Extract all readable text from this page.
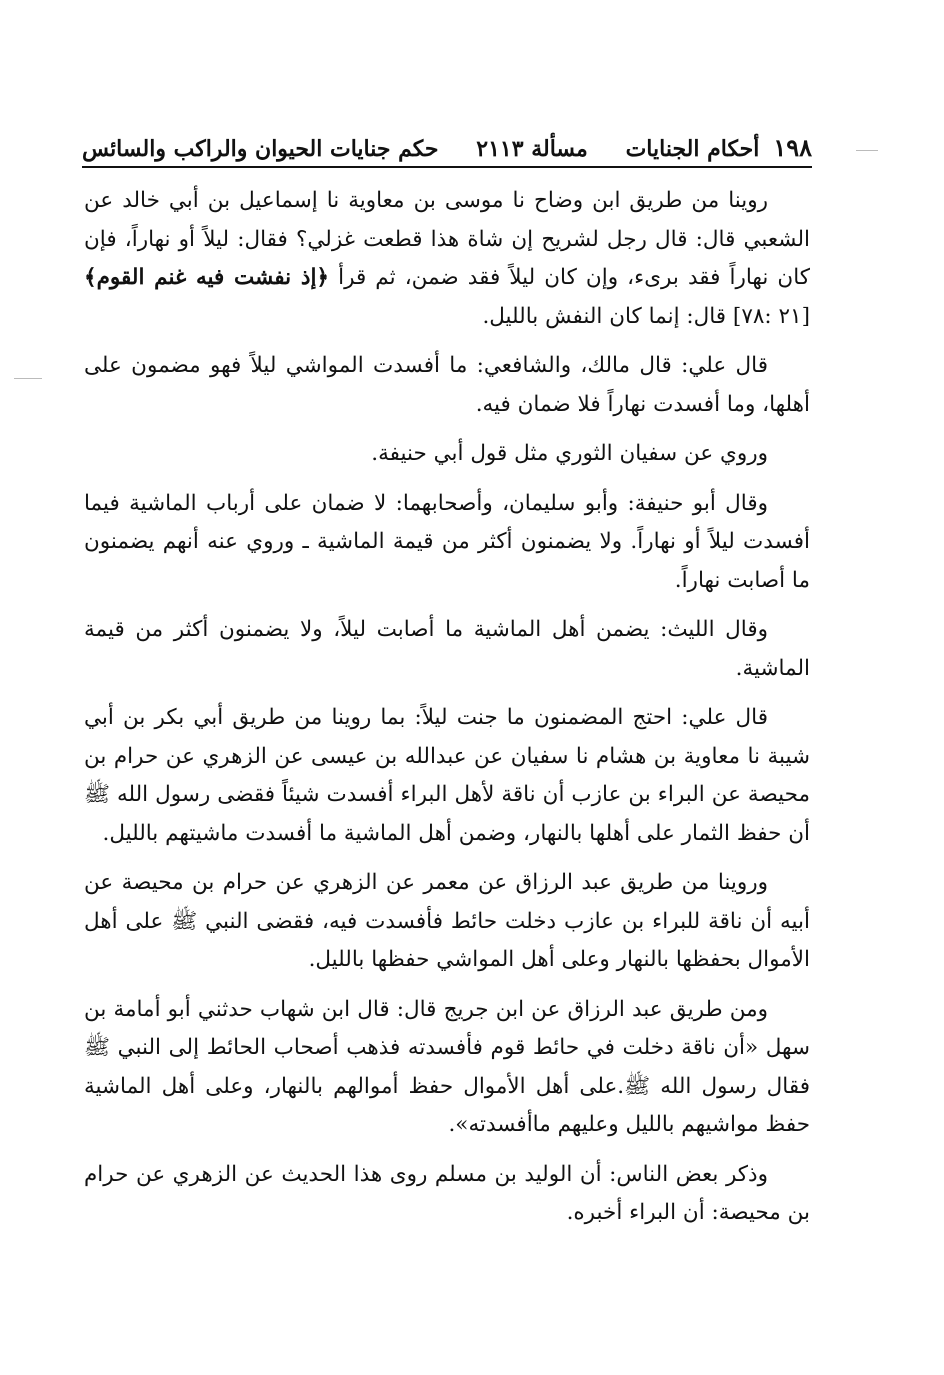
١٩٨
أحكام الجنايات
مسألة ٢١١٣
حكم جنايات الحيوان والراكب والسائس

روينا من طريق ابن وضاح نا موسى بن معاوية نا إسماعيل بن أبي خالد عن الشعبي قال: قال رجل لشريح إن شاة هذا قطعت غزلي؟ فقال: ليلاً أو نهاراً، فإن كان نهاراً فقد برىء، وإن كان ليلاً فقد ضمن، ثم قرأ ﴿إذ نفشت فيه غنم القوم﴾ [٢١ :٧٨] قال: إنما كان النفش بالليل.

قال علي: قال مالك، والشافعي: ما أفسدت المواشي ليلاً فهو مضمون على أهلها، وما أفسدت نهاراً فلا ضمان فيه.

وروي عن سفيان الثوري مثل قول أبي حنيفة.

وقال أبو حنيفة: وأبو سليمان، وأصحابهما: لا ضمان على أرباب الماشية فيما أفسدت ليلاً أو نهاراً. ولا يضمنون أكثر من قيمة الماشية ـ وروي عنه أنهم يضمنون ما أصابت نهاراً.

وقال الليث: يضمن أهل الماشية ما أصابت ليلاً، ولا يضمنون أكثر من قيمة الماشية.

قال علي: احتج المضمنون ما جنت ليلاً: بما روينا من طريق أبي بكر بن أبي شيبة نا معاوية بن هشام نا سفيان عن عبدالله بن عيسى عن الزهري عن حرام بن محيصة عن البراء بن عازب أن ناقة لأهل البراء أفسدت شيئاً فقضى رسول الله ﷺ أن حفظ الثمار على أهلها بالنهار، وضمن أهل الماشية ما أفسدت ماشيتهم بالليل.

وروينا من طريق عبد الرزاق عن معمر عن الزهري عن حرام بن محيصة عن أبيه أن ناقة للبراء بن عازب دخلت حائط فأفسدت فيه، فقضى النبي ﷺ على أهل الأموال بحفظها بالنهار وعلى أهل المواشي حفظها بالليل.

ومن طريق عبد الرزاق عن ابن جريج قال: قال ابن شهاب حدثني أبو أمامة بن سهل «أن ناقة دخلت في حائط قوم فأفسدته فذهب أصحاب الحائط إلى النبي ﷺ فقال رسول الله ﷺ.على أهل الأموال حفظ أموالهم بالنهار، وعلى أهل الماشية حفظ مواشيهم بالليل وعليهم ماأفسدته».

وذكر بعض الناس: أن الوليد بن مسلم روى هذا الحديث عن الزهري عن حرام بن محيصة: أن البراء أخبره.
